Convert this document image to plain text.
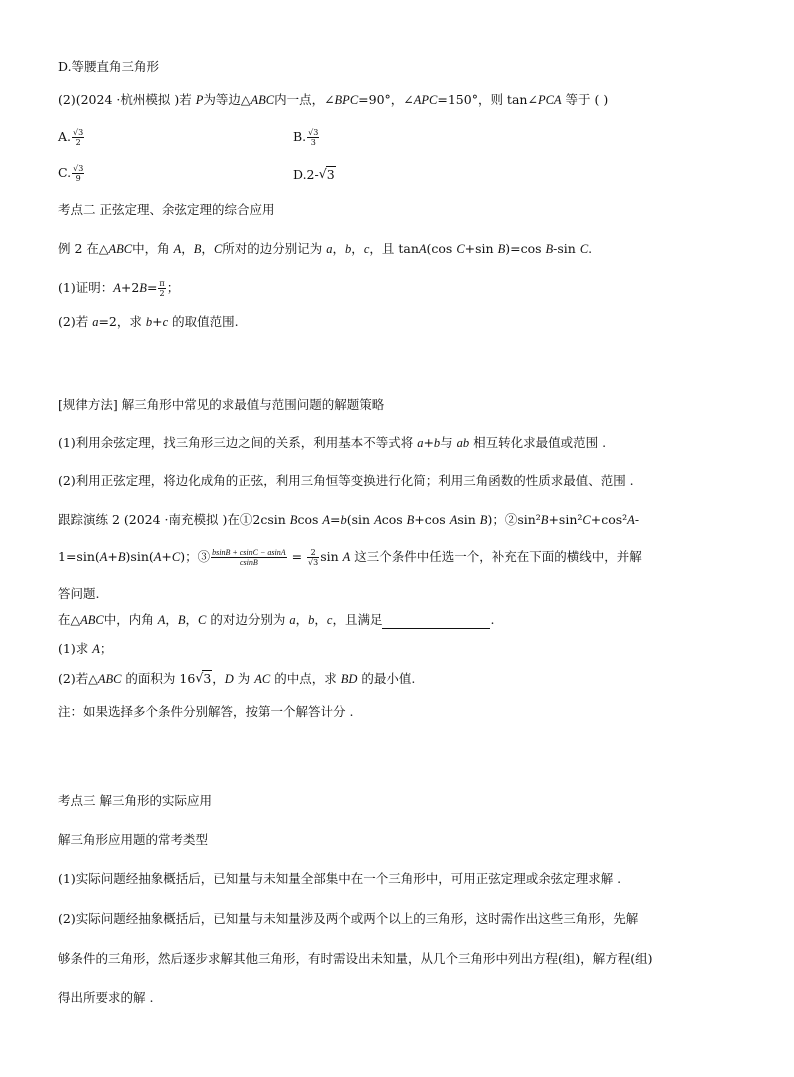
D.等腰直角三角形
(2)(2024 ·杭州模拟 )若 P为等边△ABC内一点，∠BPC=90°，∠APC=150°，则 tan∠PCA 等于 ( )
A. $\frac{√3}{2}$	B. $\frac{√3}{3}$
C. $\frac{√3}{9}$	D.2- √ 3
考点二 正弦定理、余弦定理的综合应用
例 2 在△ABC中，角 A，B，C所对的边分别记为 a，b，c，且 tanA(cos C+sin B)=cos B-sin C.
(1)证明：$A+2B= \frac{\pi}{2}$ ；
(2)若 a=2，求 b+c 的取值范围.
[规律方法] 解三角形中常见的求最值与范围问题的解题策略
(1)利用余弦定理，找三角形三边之间的关系，利用基本不等式将 a+b与 ab 相互转化求最值或范围 .
(2)利用正弦定理，将边化成角的正弦，利用三角恒等变换进行化简；利用三角函数的性质求最值、范围 .
跟踪演练 2 (2024 ·南充模拟 )在①2csin Bcos A=b(sin Acos B+cos Asin B)；②sin²B+sin²C+cos²A-
1=sin(A+B)sin(A+C)；③ $\frac{bsinB + csinC - asinA}{csinB} = \frac{2}{√3}$ sin A 这三个条件中任选一个，补充在下面的横线中，并解
答问题.
在△ABC中，内角 A，B，C 的对边分别为 a，b，c，且满足	.
(1)求 A；
(2)若△ABC 的面积为 16 √ 3，D 为 AC 的中点，求 BD 的最小值.
注：如果选择多个条件分别解答，按第一个解答计分 .
考点三 解三角形的实际应用
解三角形应用题的常考类型
(1)实际问题经抽象概括后，已知量与未知量全部集中在一个三角形中，可用正弦定理或余弦定理求解 .
(2)实际问题经抽象概括后，已知量与未知量涉及两个或两个以上的三角形，这时需作出这些三角形，先解
够条件的三角形，然后逐步求解其他三角形，有时需设出未知量，从几个三角形中列出方程(组)，解方程(组)
得出所要求的解 .
